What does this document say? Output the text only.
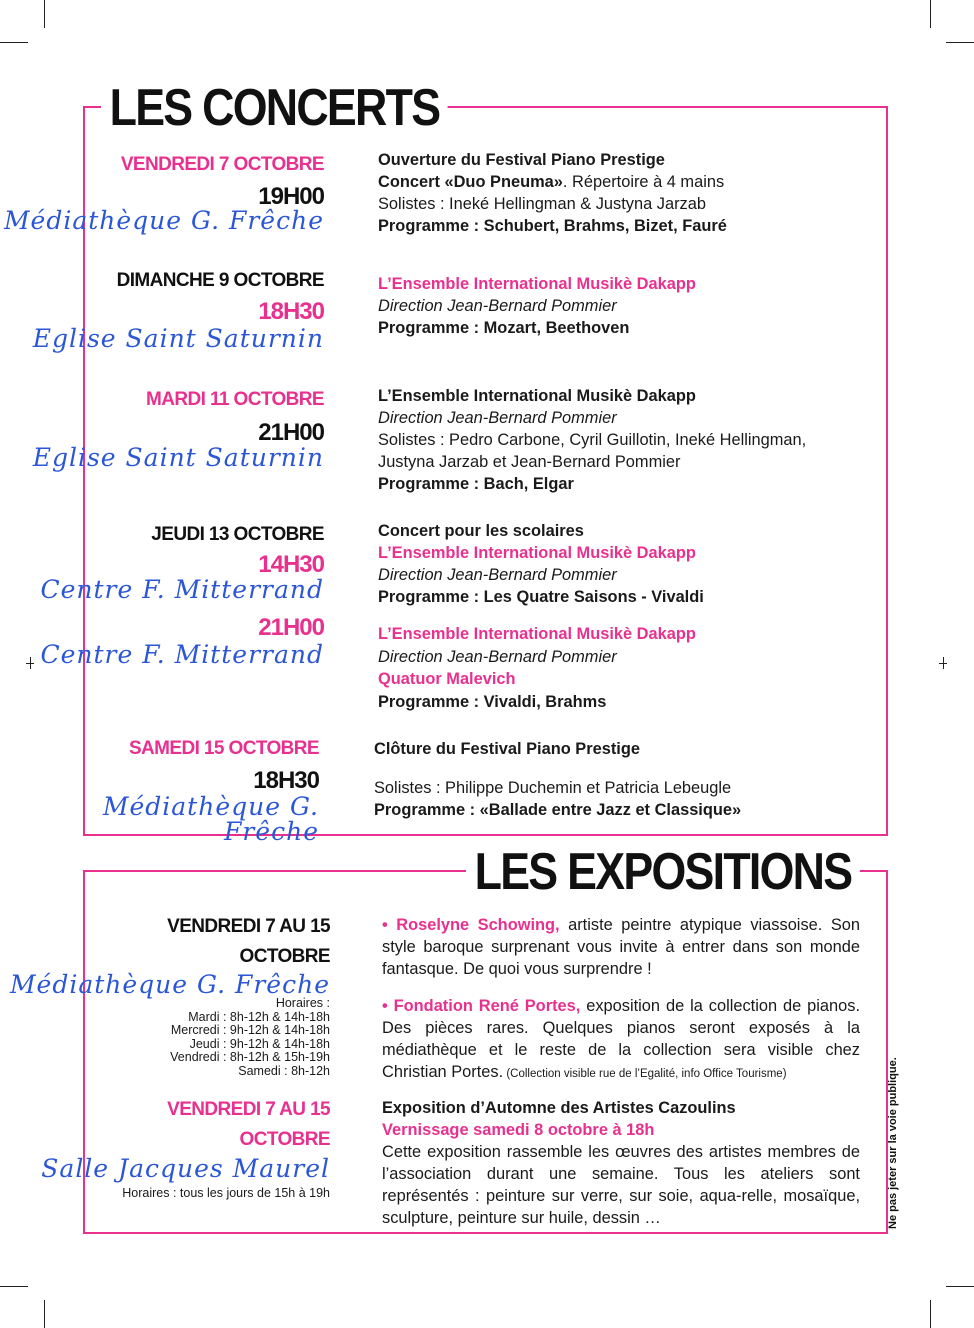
LES CONCERTS
VENDREDI 7 OCTOBRE
19H00
Médiathèque G. Frêche
Ouverture du Festival Piano Prestige
Concert «Duo Pneuma». Répertoire à 4 mains
Solistes : Ineké Hellingman & Justyna Jarzab
Programme : Schubert, Brahms, Bizet, Fauré
DIMANCHE 9 OCTOBRE
18H30
Eglise Saint Saturnin
L’Ensemble International Musikè Dakapp
Direction Jean-Bernard Pommier
Programme : Mozart, Beethoven
MARDI 11 OCTOBRE
21H00
Eglise Saint Saturnin
L’Ensemble International Musikè Dakapp
Direction Jean-Bernard Pommier
Solistes : Pedro Carbone, Cyril Guillotin, Ineké Hellingman,
Justyna Jarzab et Jean-Bernard Pommier
Programme : Bach, Elgar
JEUDI 13 OCTOBRE
14H30
Centre F. Mitterrand
21H00
Centre F. Mitterrand
Concert pour les scolaires
L’Ensemble International Musikè Dakapp
Direction Jean-Bernard Pommier
Programme : Les Quatre Saisons - Vivaldi
L’Ensemble International Musikè Dakapp
Direction Jean-Bernard Pommier
Quatuor Malevich
Programme : Vivaldi, Brahms
SAMEDI 15 OCTOBRE
18H30
Médiathèque G. Frêche
Clôture du Festival Piano Prestige
Solistes : Philippe Duchemin et Patricia Lebeugle
Programme : «Ballade entre Jazz et Classique»
LES EXPOSITIONS
VENDREDI 7 AU 15
OCTOBRE
Médiathèque G. Frêche
Horaires :
Mardi : 8h-12h & 14h-18h
Mercredi : 9h-12h & 14h-18h
Jeudi : 9h-12h & 14h-18h
Vendredi : 8h-12h & 15h-19h
Samedi : 8h-12h
VENDREDI 7 AU 15
OCTOBRE
Salle Jacques Maurel
Horaires : tous les jours de 15h à 19h
• Roselyne Schowing, artiste peintre atypique viassoise. Son style baroque surprenant vous invite à entrer dans son monde fantasque. De quoi vous surprendre !
• Fondation René Portes, exposition de la collection de pianos. Des pièces rares. Quelques pianos seront exposés à la médiathèque et le reste de la collection sera visible chez Christian Portes. (Collection visible rue de l’Egalité, info Office Tourisme)
Exposition d’Automne des Artistes Cazoulins
Vernissage samedi 8 octobre à 18h
Cette exposition rassemble les œuvres des artistes membres de l’association durant une semaine. Tous les ateliers sont représentés : peinture sur verre, sur soie, aqua-relle, mosaïque, sculpture, peinture sur huile, dessin …	Ne pas jeter sur la voie publique.
